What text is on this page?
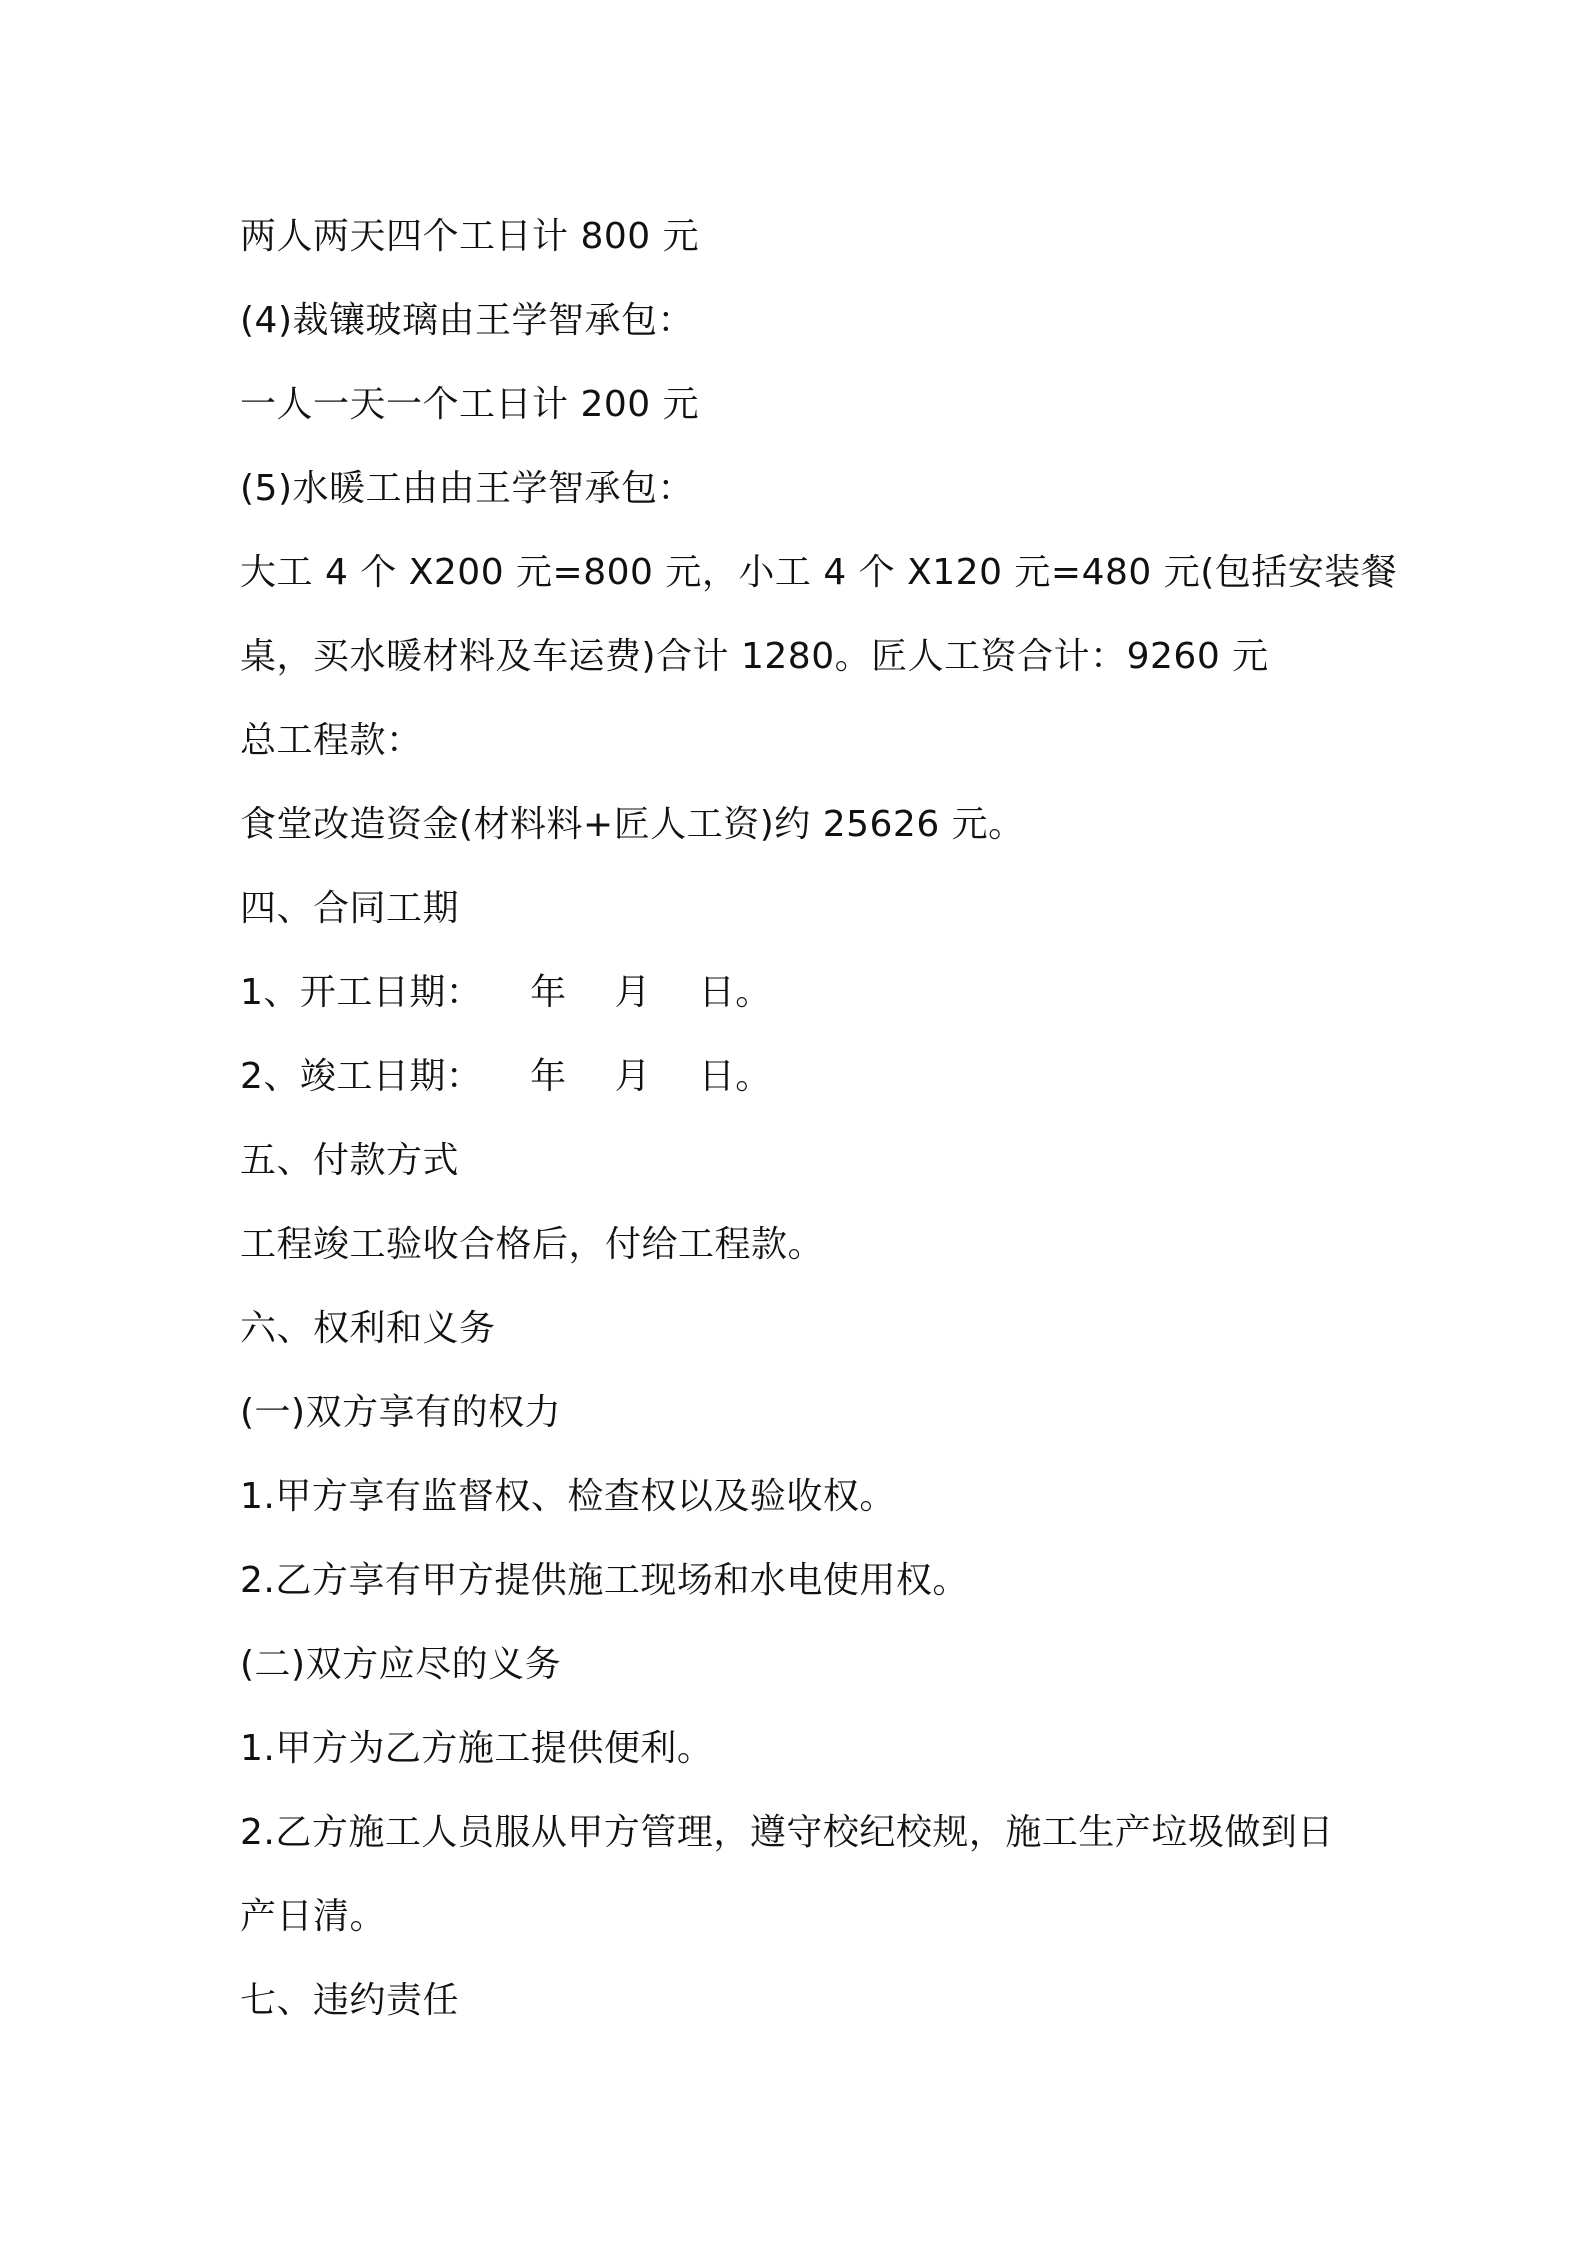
两人两天四个工日计 800 元
(4)裁镶玻璃由王学智承包：
一人一天一个工日计 200 元
(5)水暖工由由王学智承包：
大工 4 个 X200 元=800 元，小工 4 个 X120 元=480 元(包括安装餐
桌，买水暖材料及车运费)合计 1280。匠人工资合计：9260 元
总工程款：
食堂改造资金(材料料+匠人工资)约 25626 元。
四、合同工期
1、开工日期：    年    月    日。
2、竣工日期：    年    月    日。
五、付款方式
工程竣工验收合格后，付给工程款。
六、权利和义务
(一)双方享有的权力
1.甲方享有监督权、检查权以及验收权。
2.乙方享有甲方提供施工现场和水电使用权。
(二)双方应尽的义务
1.甲方为乙方施工提供便利。
2.乙方施工人员服从甲方管理，遵守校纪校规，施工生产垃圾做到日
产日清。
七、违约责任
